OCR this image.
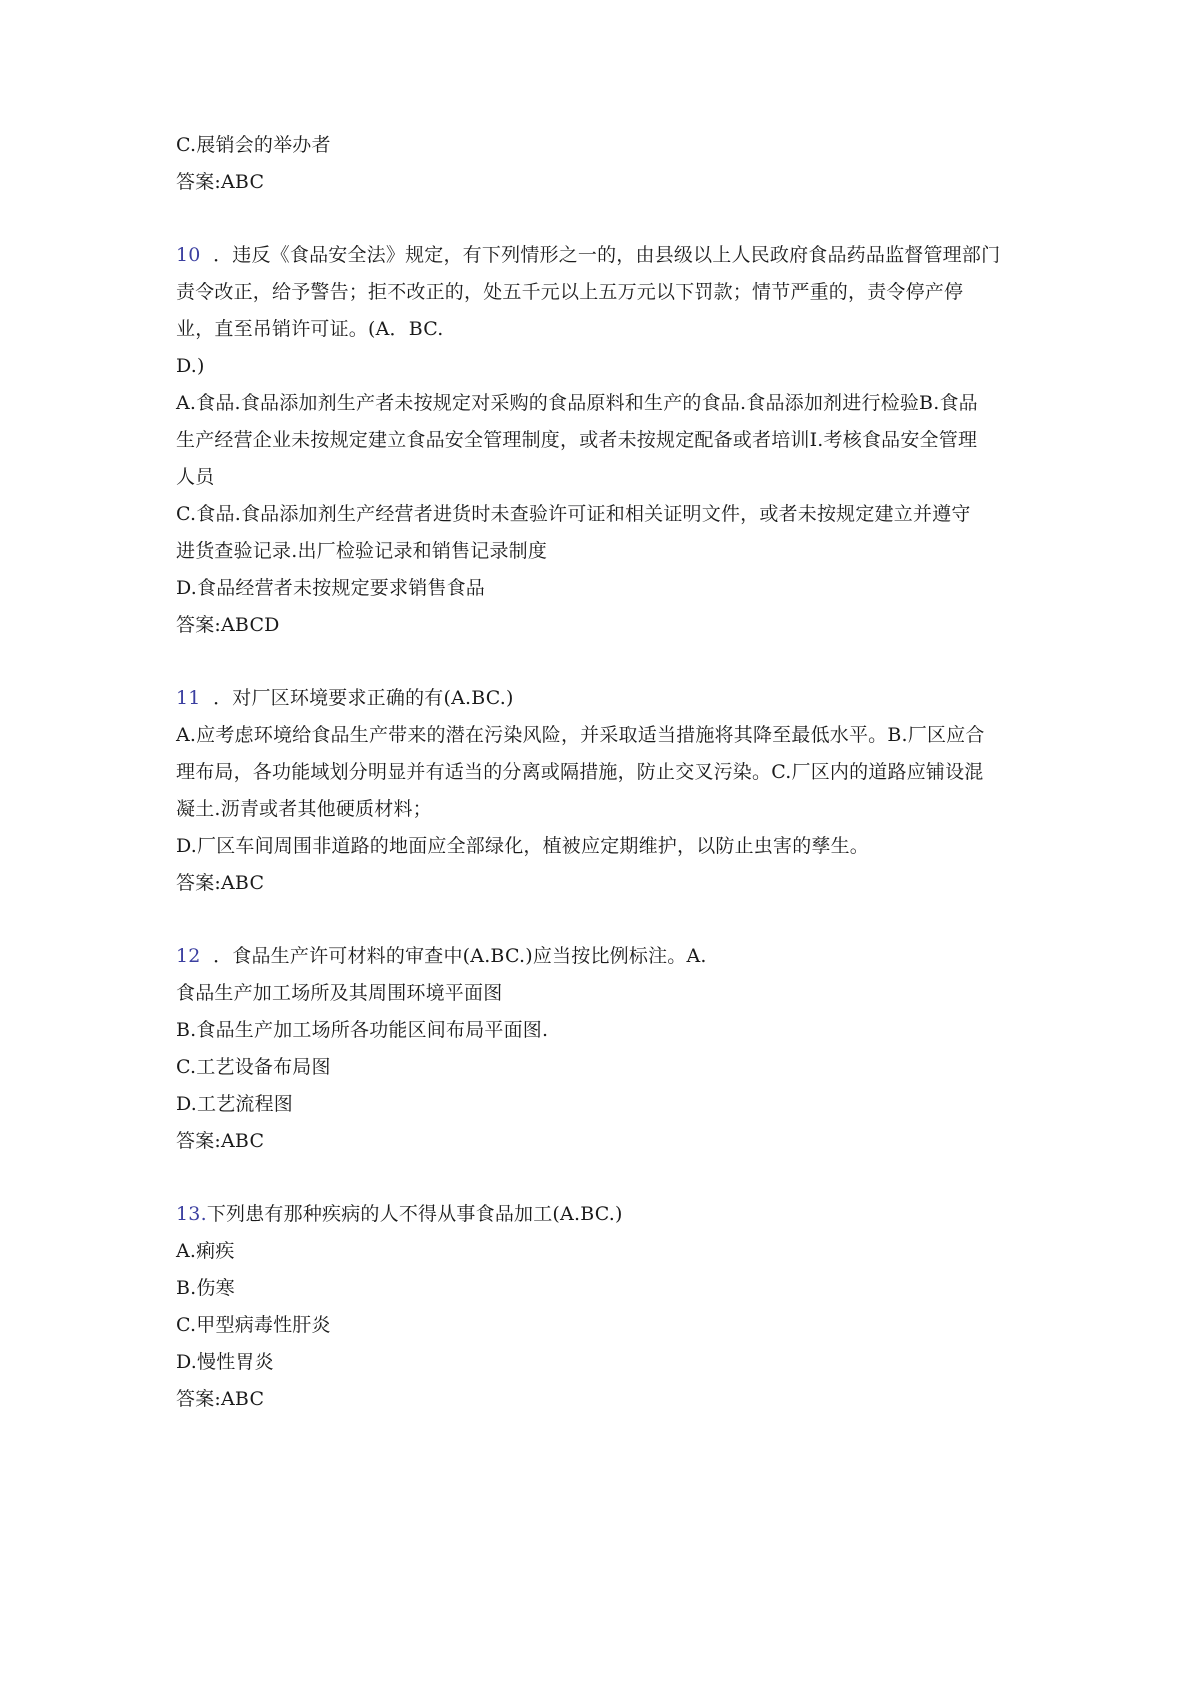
C.展销会的举办者
答案:ABC
10 ．违反《食品安全法》规定，有下列情形之一的，由县级以上人民政府食品药品监督管理部门
责令改正，给予警告；拒不改正的，处五千元以上五万元以下罚款；情节严重的，责令停产停
业，直至吊销许可证。(A．BC.
D.)
A.食品.食品添加剂生产者未按规定对采购的食品原料和生产的食品.食品添加剂进行检验B.食品
生产经营企业未按规定建立食品安全管理制度，或者未按规定配备或者培训I.考核食品安全管理
人员
C.食品.食品添加剂生产经营者进货时未查验许可证和相关证明文件，或者未按规定建立并遵守
进货查验记录.出厂检验记录和销售记录制度
D.食品经营者未按规定要求销售食品
答案:ABCD
11 ．对厂区环境要求正确的有(A.BC.)
A.应考虑环境给食品生产带来的潜在污染风险，并采取适当措施将其降至最低水平。B.厂区应合
理布局，各功能域划分明显并有适当的分离或隔措施，防止交叉污染。C.厂区内的道路应铺设混
凝土.沥青或者其他硬质材料；
D.厂区车间周围非道路的地面应全部绿化，植被应定期维护，以防止虫害的孳生。
答案:ABC
12 ．食品生产许可材料的审查中(A.BC.)应当按比例标注。A.
食品生产加工场所及其周围环境平面图
B.食品生产加工场所各功能区间布局平面图.
C.工艺设备布局图
D.工艺流程图
答案:ABC
13.下列患有那种疾病的人不得从事食品加工(A.BC.)
A.痢疾
B.伤寒
C.甲型病毒性肝炎
D.慢性胃炎
答案:ABC
